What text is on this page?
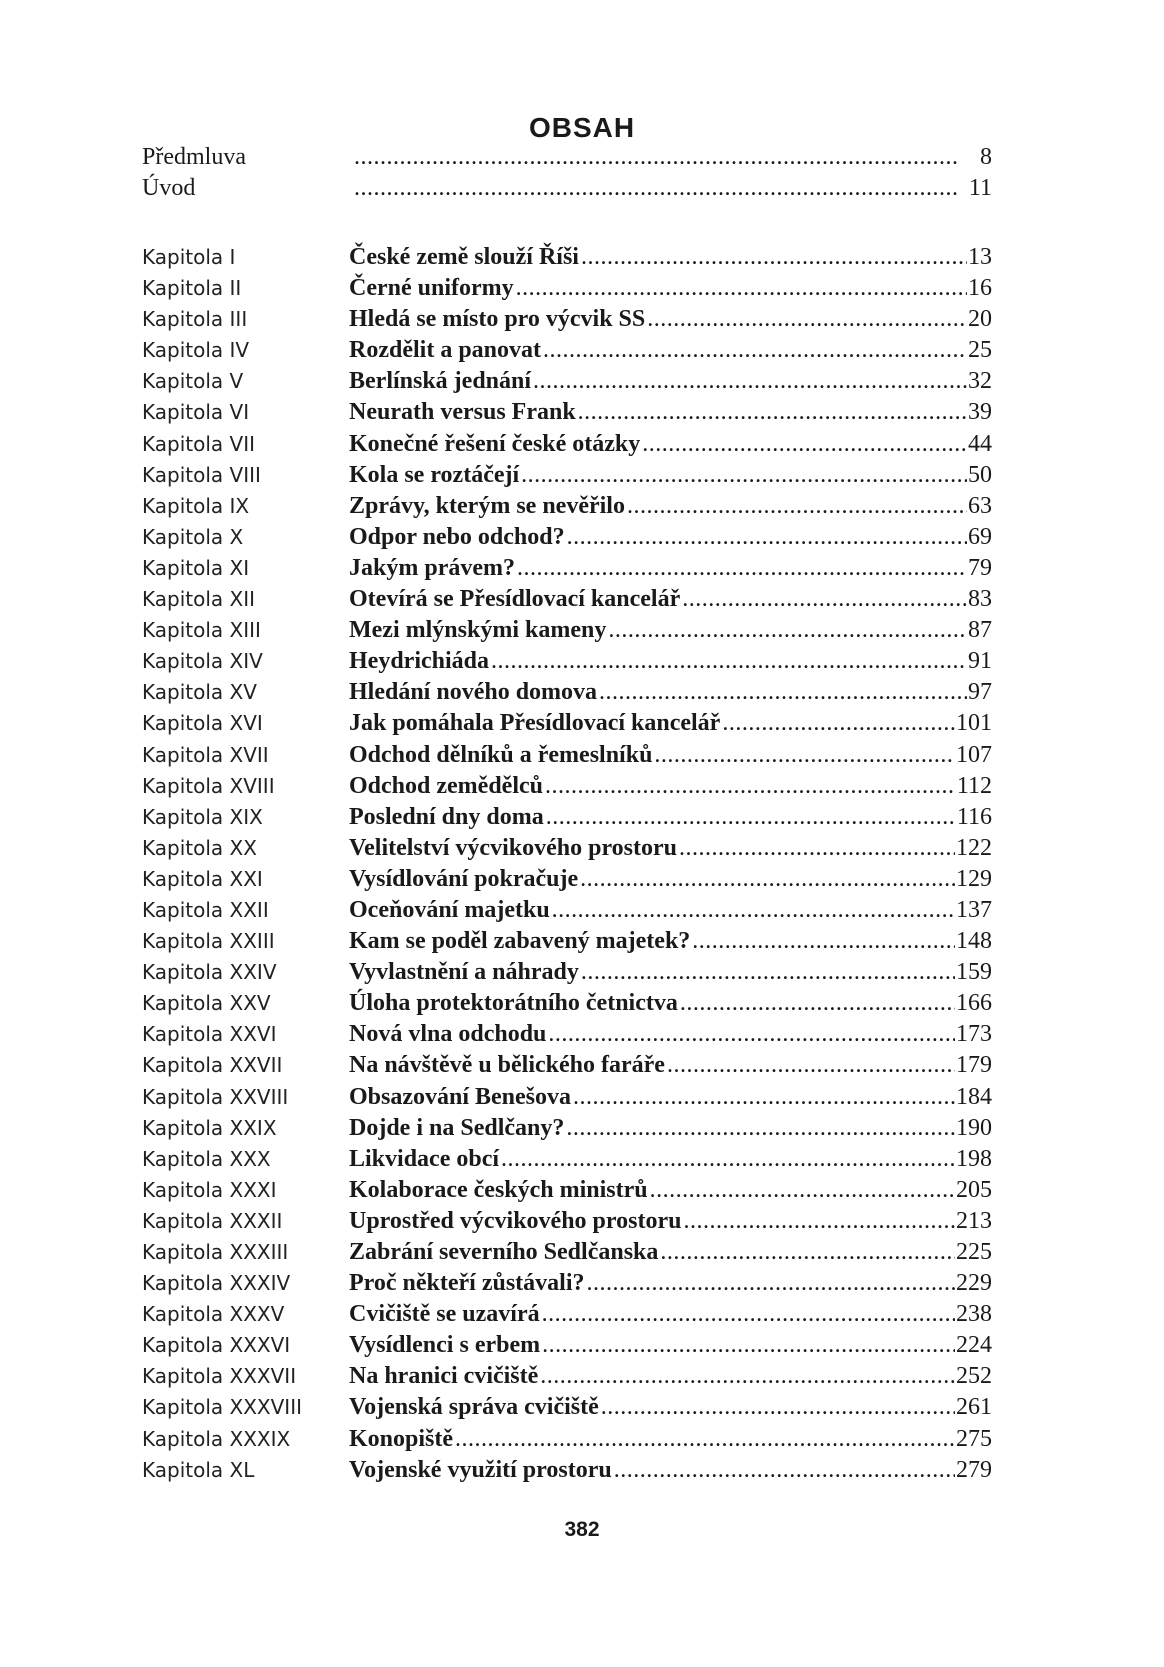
OBSAH
Předmluva .....	8
Úvod .....	11
Kapitola I	České země slouží Říši .....	13
Kapitola II	Černé uniformy .....	16
Kapitola III	Hledá se místo pro výcvik SS .....	20
Kapitola IV	Rozdělit a panovat .....	25
Kapitola V	Berlínská jednání .....	32
Kapitola VI	Neurath versus Frank .....	39
Kapitola VII	Konečné řešení české otázky .....	44
Kapitola VIII	Kola se roztáčejí .....	50
Kapitola IX	Zprávy, kterým se nevěřilo .....	63
Kapitola X	Odpor nebo odchod? .....	69
Kapitola XI	Jakým právem? .....	79
Kapitola XII	Otevírá se Přesídlovací kancelář .....	83
Kapitola XIII	Mezi mlýnskými kameny .....	87
Kapitola XIV	Heydrichiáda .....	91
Kapitola XV	Hledání nového domova .....	97
Kapitola XVI	Jak pomáhala Přesídlovací kancelář .....	101
Kapitola XVII	Odchod dělníků a řemeslníků .....	107
Kapitola XVIII	Odchod zemědělců .....	112
Kapitola XIX	Poslední dny doma .....	116
Kapitola XX	Velitelství výcvikového prostoru .....	122
Kapitola XXI	Vysídlování pokračuje .....	129
Kapitola XXII	Oceňování majetku .....	137
Kapitola XXIII	Kam se poděl zabavený majetek? .....	148
Kapitola XXIV	Vyvlastnění a náhrady .....	159
Kapitola XXV	Úloha protektorátního četnictva .....	166
Kapitola XXVI	Nová vlna odchodu .....	173
Kapitola XXVII	Na návštěvě u bělického faráře .....	179
Kapitola XXVIII	Obsazování Benešova .....	184
Kapitola XXIX	Dojde i na Sedlčany? .....	190
Kapitola XXX	Likvidace obcí .....	198
Kapitola XXXI	Kolaborace českých ministrů .....	205
Kapitola XXXII	Uprostřed výcvikového prostoru .....	213
Kapitola XXXIII	Zabrání severního Sedlčanska .....	225
Kapitola XXXIV	Proč někteří zůstávali? .....	229
Kapitola XXXV	Cvičiště se uzavírá .....	238
Kapitola XXXVI	Vysídlenci s erbem .....	224
Kapitola XXXVII	Na hranici cvičiště .....	252
Kapitola XXXVIII	Vojenská správa cvičiště .....	261
Kapitola XXXIX	Konopiště .....	275
Kapitola XL	Vojenské využití prostoru .....	279
382
